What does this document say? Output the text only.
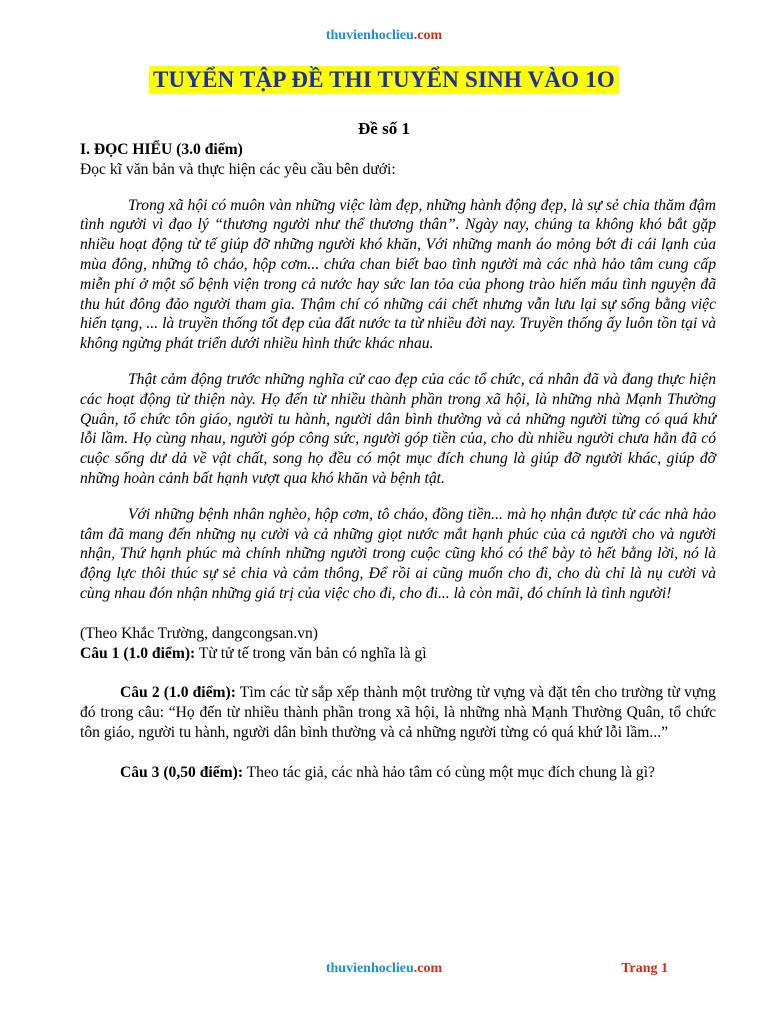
thuvienhoclieu.com
TUYỂN TẬP ĐỀ THI TUYỂN SINH VÀO 1O
Đề số 1

I. ĐỌC HIỂU (3.0 điểm)

Đọc kĩ văn bản và thực hiện các yêu cầu bên dưới:

Trong xã hội có muôn vàn những việc làm đẹp, những hành động đẹp, là sự sẻ chia thăm đậm tình người vì đạo lý “thương người như thể thương thân”. Ngày nay, chúng ta không khó bắt gặp nhiều hoạt động từ tế giúp đỡ những người khó khăn, Với những manh áo mỏng bớt đi cái lạnh của mùa đông, những tô cháo, hộp cơm... chứa chan biết bao tình người mà các nhà hảo tâm cung cấp miễn phí ở một số bệnh viện trong cả nước hay sức lan tỏa của phong trào hiến máu tình nguyện đã thu hút đông đảo người tham gia. Thậm chí có những cái chết nhưng vẫn lưu lại sự sống bằng việc hiến tạng, ... là truyền thống tốt đẹp của đất nước ta từ nhiều đời nay. Truyền thống ấy luôn tồn tại và không ngừng phát triển dưới nhiều hình thức khác nhau.

Thật cảm động trước những nghĩa cử cao đẹp của các tổ chức, cá nhân đã và đang thực hiện các hoạt động từ thiện này. Họ đến từ nhiều thành phần trong xã hội, là những nhà Mạnh Thường Quân, tổ chức tôn giáo, người tu hành, người dân bình thường và cả những người từng có quá khứ lỗi lầm. Họ cùng nhau, người góp công sức, người góp tiền của, cho dù nhiều người chưa hẳn đã có cuộc sống dư dả về vật chất, song họ đều có một mục đích chung là giúp đỡ người khác, giúp đỡ những hoàn cảnh bất hạnh vượt qua khó khăn và bệnh tật.

Với những bệnh nhân nghèo, hộp cơm, tô cháo, đồng tiền... mà họ nhận được từ các nhà hảo tâm đã mang đến những nụ cười và cả những giọt nước mắt hạnh phúc của cả người cho và người nhận, Thứ hạnh phúc mà chính những người trong cuộc cũng khó có thể bày tỏ hết bằng lời, nó là động lực thôi thúc sự sẻ chia và cảm thông, Để rồi ai cũng muốn cho đi, cho dù chỉ là nụ cười và cùng nhau đón nhận những giá trị của việc cho đi, cho đi... là còn mãi, đó chính là tình người!

(Theo Khắc Trường, dangcongsan.vn)

Câu 1 (1.0 điểm): Từ tử tế trong văn bản có nghĩa là gì

Câu 2 (1.0 điểm): Tìm các từ sắp xếp thành một trường từ vựng và đặt tên cho trường từ vựng đó trong câu: “Họ đến từ nhiều thành phần trong xã hội, là những nhà Mạnh Thường Quân, tổ chức tôn giáo, người tu hành, người dân bình thường và cả những người từng có quá khứ lỗi lầm...”

Câu 3 (0,50 điểm): Theo tác giả, các nhà hảo tâm có cùng một mục đích chung là gì?

thuvienhoclieu.com	Trang 1
